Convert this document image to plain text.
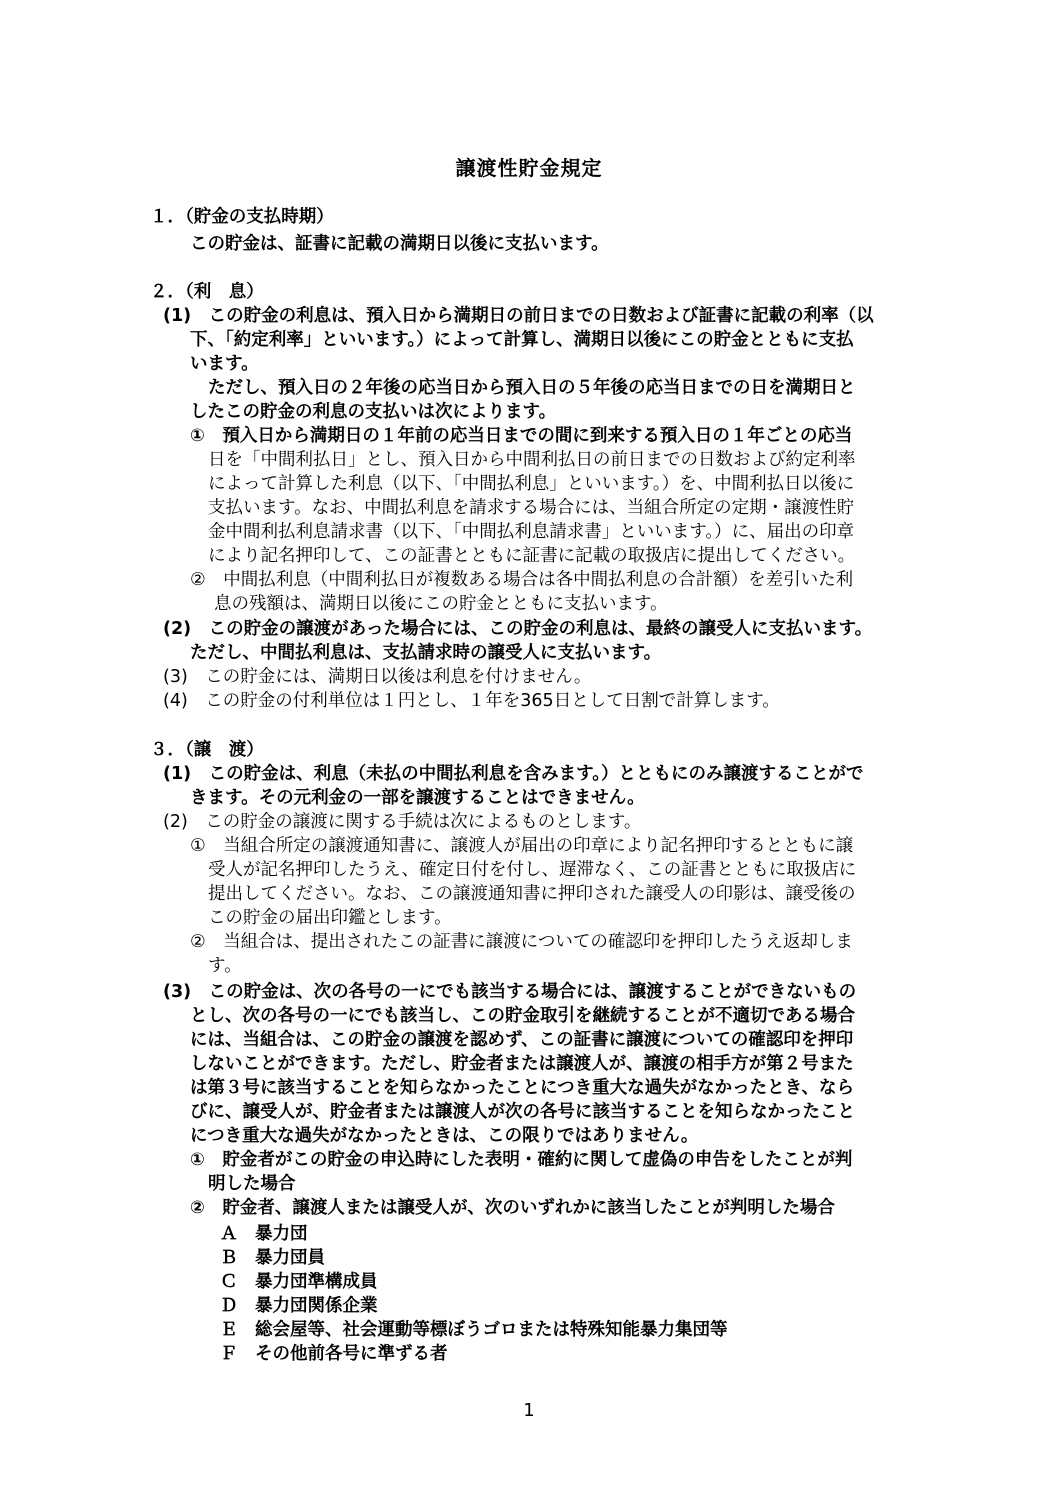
譲渡性貯金規定
１．（貯金の支払時期）
この貯金は、証書に記載の満期日以後に支払います。
２．（利　息）
(1)　この貯金の利息は、預入日から満期日の前日までの日数および証書に記載の利率（以
下、「約定利率」といいます。）によって計算し、満期日以後にこの貯金とともに支払
います。
ただし、預入日の２年後の応当日から預入日の５年後の応当日までの日を満期日と
したこの貯金の利息の支払いは次によります。
①　預入日から満期日の１年前の応当日までの間に到来する預入日の１年ごとの応当
日を「中間利払日」とし、預入日から中間利払日の前日までの日数および約定利率
によって計算した利息（以下、「中間払利息」といいます。）を、中間利払日以後に
支払います。なお、中間払利息を請求する場合には、当組合所定の定期・譲渡性貯
金中間利払利息請求書（以下、「中間払利息請求書」といいます。）に、届出の印章
により記名押印して、この証書とともに証書に記載の取扱店に提出してください。
②　中間払利息（中間利払日が複数ある場合は各中間払利息の合計額）を差引いた利
息の残額は、満期日以後にこの貯金とともに支払います。
(2)　この貯金の譲渡があった場合には、この貯金の利息は、最終の譲受人に支払います。
ただし、中間払利息は、支払請求時の譲受人に支払います。
(3)　この貯金には、満期日以後は利息を付けません。
(4)　この貯金の付利単位は１円とし、１年を365日として日割で計算します。
３．（譲　渡）
(1)　この貯金は、利息（未払の中間払利息を含みます。）とともにのみ譲渡することがで
きます。その元利金の一部を譲渡することはできません。
(2)　この貯金の譲渡に関する手続は次によるものとします。
①　当組合所定の譲渡通知書に、譲渡人が届出の印章により記名押印するとともに譲
受人が記名押印したうえ、確定日付を付し、遅滞なく、この証書とともに取扱店に
提出してください。なお、この譲渡通知書に押印された譲受人の印影は、譲受後の
この貯金の届出印鑑とします。
②　当組合は、提出されたこの証書に譲渡についての確認印を押印したうえ返却しま
す。
(3)　この貯金は、次の各号の一にでも該当する場合には、譲渡することができないもの
とし、次の各号の一にでも該当し、この貯金取引を継続することが不適切である場合
には、当組合は、この貯金の譲渡を認めず、この証書に譲渡についての確認印を押印
しないことができます。ただし、貯金者または譲渡人が、譲渡の相手方が第２号また
は第３号に該当することを知らなかったことにつき重大な過失がなかったとき、なら
びに、譲受人が、貯金者または譲渡人が次の各号に該当することを知らなかったこと
につき重大な過失がなかったときは、この限りではありません。
①　貯金者がこの貯金の申込時にした表明・確約に関して虚偽の申告をしたことが判
明した場合
②　貯金者、譲渡人または譲受人が、次のいずれかに該当したことが判明した場合
Ａ　暴力団
Ｂ　暴力団員
Ｃ　暴力団準構成員
Ｄ　暴力団関係企業
Ｅ　総会屋等、社会運動等標ぼうゴロまたは特殊知能暴力集団等
Ｆ　その他前各号に準ずる者
1
